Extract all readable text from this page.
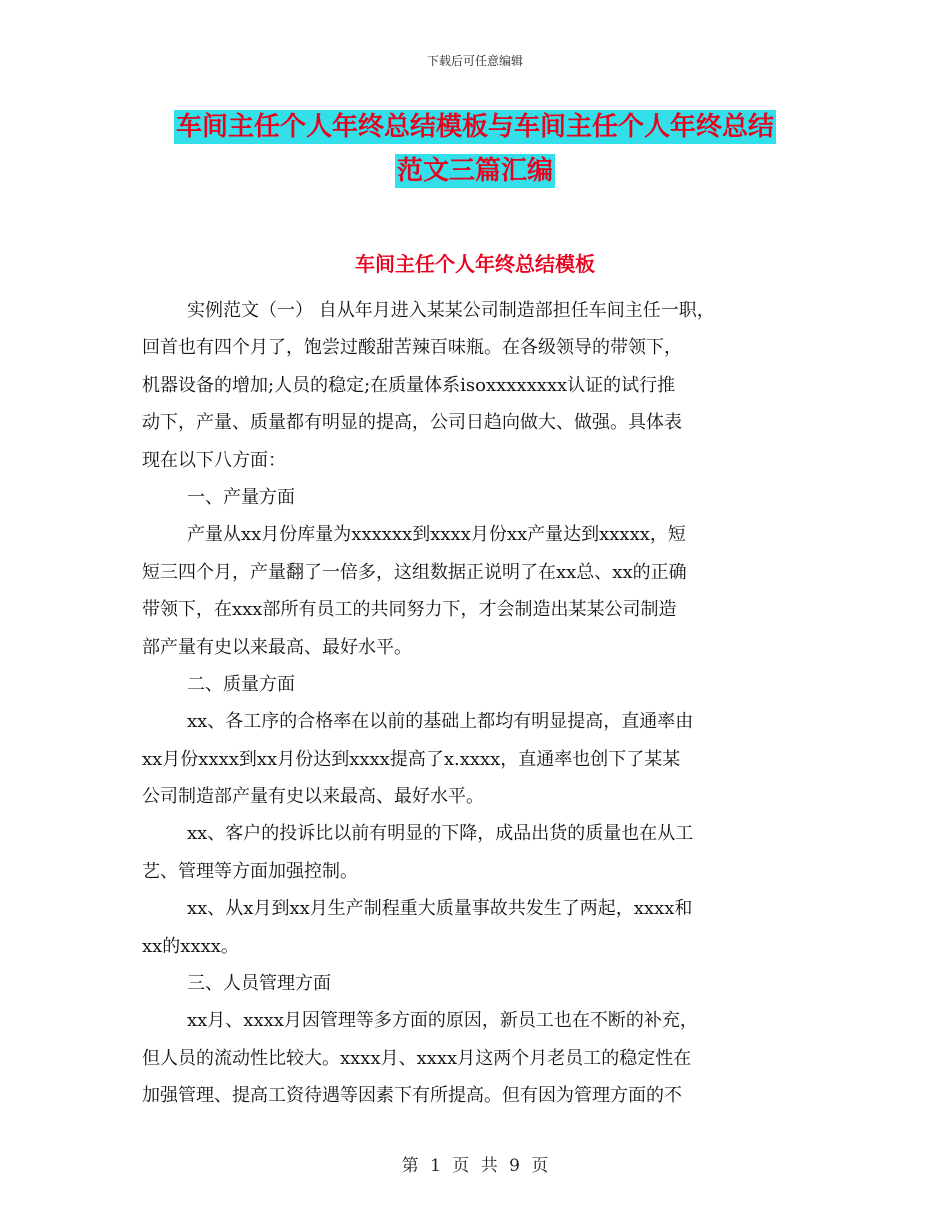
下载后可任意编辑
车间主任个人年终总结模板与车间主任个人年终总结
范文三篇汇编
车间主任个人年终总结模板
实例范文（一） 自从年月进入某某公司制造部担任车间主任一职，
回首也有四个月了，饱尝过酸甜苦辣百味瓶。在各级领导的带领下，
机器设备的增加;人员的稳定;在质量体系isoxxxxxxxx认证的试行推
动下，产量、质量都有明显的提高，公司日趋向做大、做强。具体表
现在以下八方面：
一、产量方面
产量从xx月份库量为xxxxxx到xxxx月份xx产量达到xxxxx，短
短三四个月，产量翻了一倍多，这组数据正说明了在xx总、xx的正确
带领下，在xxx部所有员工的共同努力下，才会制造出某某公司制造
部产量有史以来最高、最好水平。
二、质量方面
xx、各工序的合格率在以前的基础上都均有明显提高，直通率由
xx月份xxxx到xx月份达到xxxx提高了x.xxxx，直通率也创下了某某
公司制造部产量有史以来最高、最好水平。
xx、客户的投诉比以前有明显的下降，成品出货的质量也在从工
艺、管理等方面加强控制。
xx、从x月到xx月生产制程重大质量事故共发生了两起，xxxx和
xx的xxxx。
三、人员管理方面
xx月、xxxx月因管理等多方面的原因，新员工也在不断的补充，
但人员的流动性比较大。xxxx月、xxxx月这两个月老员工的稳定性在
加强管理、提高工资待遇等因素下有所提高。但有因为管理方面的不
第 1 页 共 9 页
